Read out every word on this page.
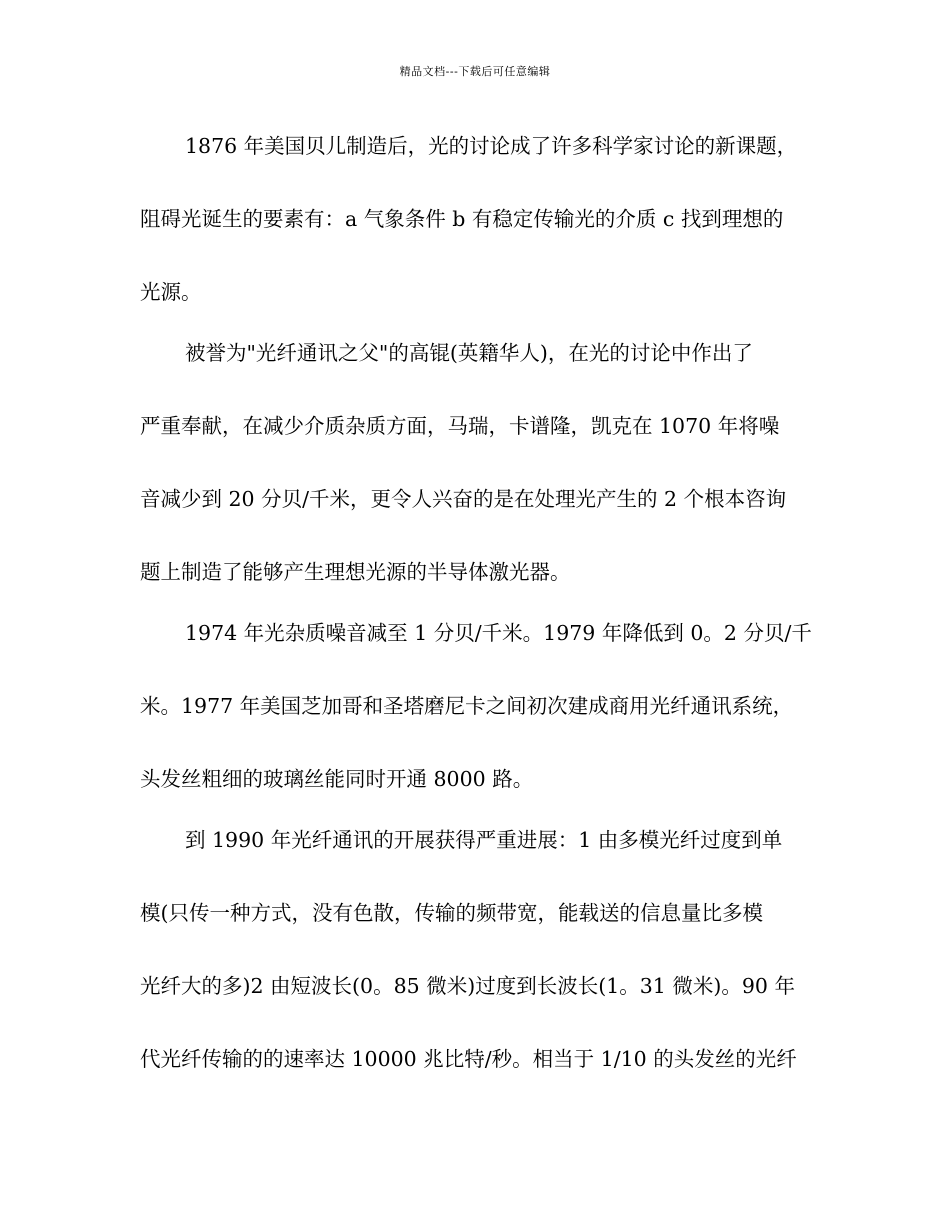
精品文档---下载后可任意编辑
1876 年美国贝儿制造后，光的讨论成了许多科学家讨论的新课题，
阻碍光诞生的要素有：a 气象条件 b 有稳定传输光的介质 c 找到理想的
光源。
被誉为"光纤通讯之父"的高锟(英籍华人)，在光的讨论中作出了
严重奉献，在减少介质杂质方面，马瑞，卡谱隆，凯克在 1070 年将噪
音减少到 20 分贝/千米，更令人兴奋的是在处理光产生的 2 个根本咨询
题上制造了能够产生理想光源的半导体激光器。
1974 年光杂质噪音减至 1 分贝/千米。1979 年降低到 0。2 分贝/千
米。1977 年美国芝加哥和圣塔磨尼卡之间初次建成商用光纤通讯系统，
头发丝粗细的玻璃丝能同时开通 8000 路。
到 1990 年光纤通讯的开展获得严重进展：1 由多模光纤过度到单
模(只传一种方式，没有色散，传输的频带宽，能载送的信息量比多模
光纤大的多)2 由短波长(0。85 微米)过度到长波长(1。31 微米)。90 年
代光纤传输的的速率达 10000 兆比特/秒。相当于 1/10 的头发丝的光纤
